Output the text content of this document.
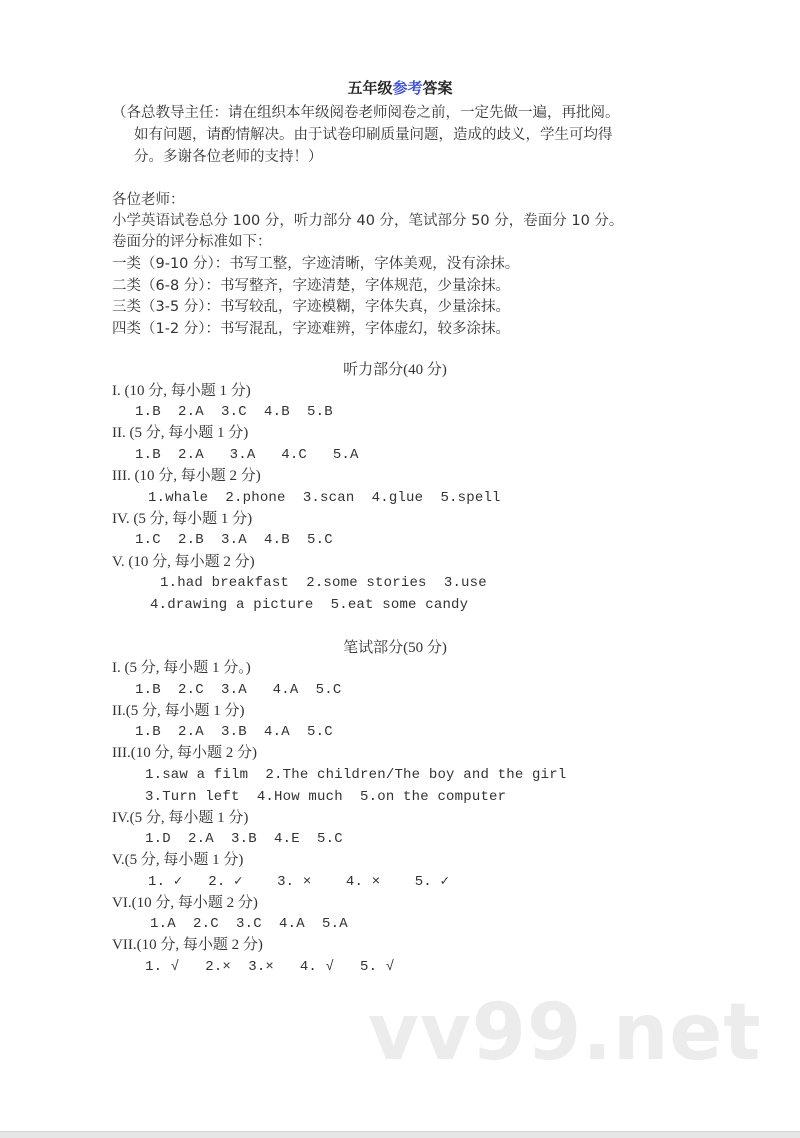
五年级参考答案
（各总教导主任：请在组织本年级阅卷老师阅卷之前，一定先做一遍，再批阅。
如有问题，请酌情解决。由于试卷印刷质量问题，造成的歧义，学生可均得
分。多谢各位老师的支持！）
各位老师：
小学英语试卷总分 100 分，听力部分 40 分，笔试部分 50 分，卷面分 10 分。
卷面分的评分标准如下：
一类（9-10 分）：书写工整，字迹清晰，字体美观，没有涂抹。
二类（6-8 分）：书写整齐，字迹清楚，字体规范，少量涂抹。
三类（3-5 分）：书写较乱，字迹模糊，字体失真，少量涂抹。
四类（1-2 分）：书写混乱，字迹难辨，字体虚幻，较多涂抹。
听力部分(40 分)
I. (10 分, 每小题 1 分)
1.B  2.A  3.C  4.B  5.B
II. (5 分, 每小题 1 分)
1.B  2.A   3.A   4.C   5.A
III. (10 分, 每小题 2 分)
1.whale  2.phone  3.scan  4.glue  5.spell
IV. (5 分, 每小题 1 分)
1.C  2.B  3.A  4.B  5.C
V. (10 分, 每小题 2 分)
1.had breakfast  2.some stories  3.use
4.drawing a picture  5.eat some candy
笔试部分(50 分)
I. (5 分, 每小题 1 分。)
1.B  2.C  3.A   4.A  5.C
II.(5 分, 每小题 1 分)
1.B  2.A  3.B  4.A  5.C
III.(10 分, 每小题 2 分)
1.saw a film  2.The children/The boy and the girl
3.Turn left  4.How much  5.on the computer
IV.(5 分, 每小题 1 分)
1.D  2.A  3.B  4.E  5.C
V.(5 分, 每小题 1 分)
1. ✓   2. ✓    3. ×    4. ×    5. ✓
VI.(10 分, 每小题 2 分)
1.A  2.C  3.C  4.A  5.A
VII.(10 分, 每小题 2 分)
1. √   2.×  3.×   4. √   5. √
vv99.net
